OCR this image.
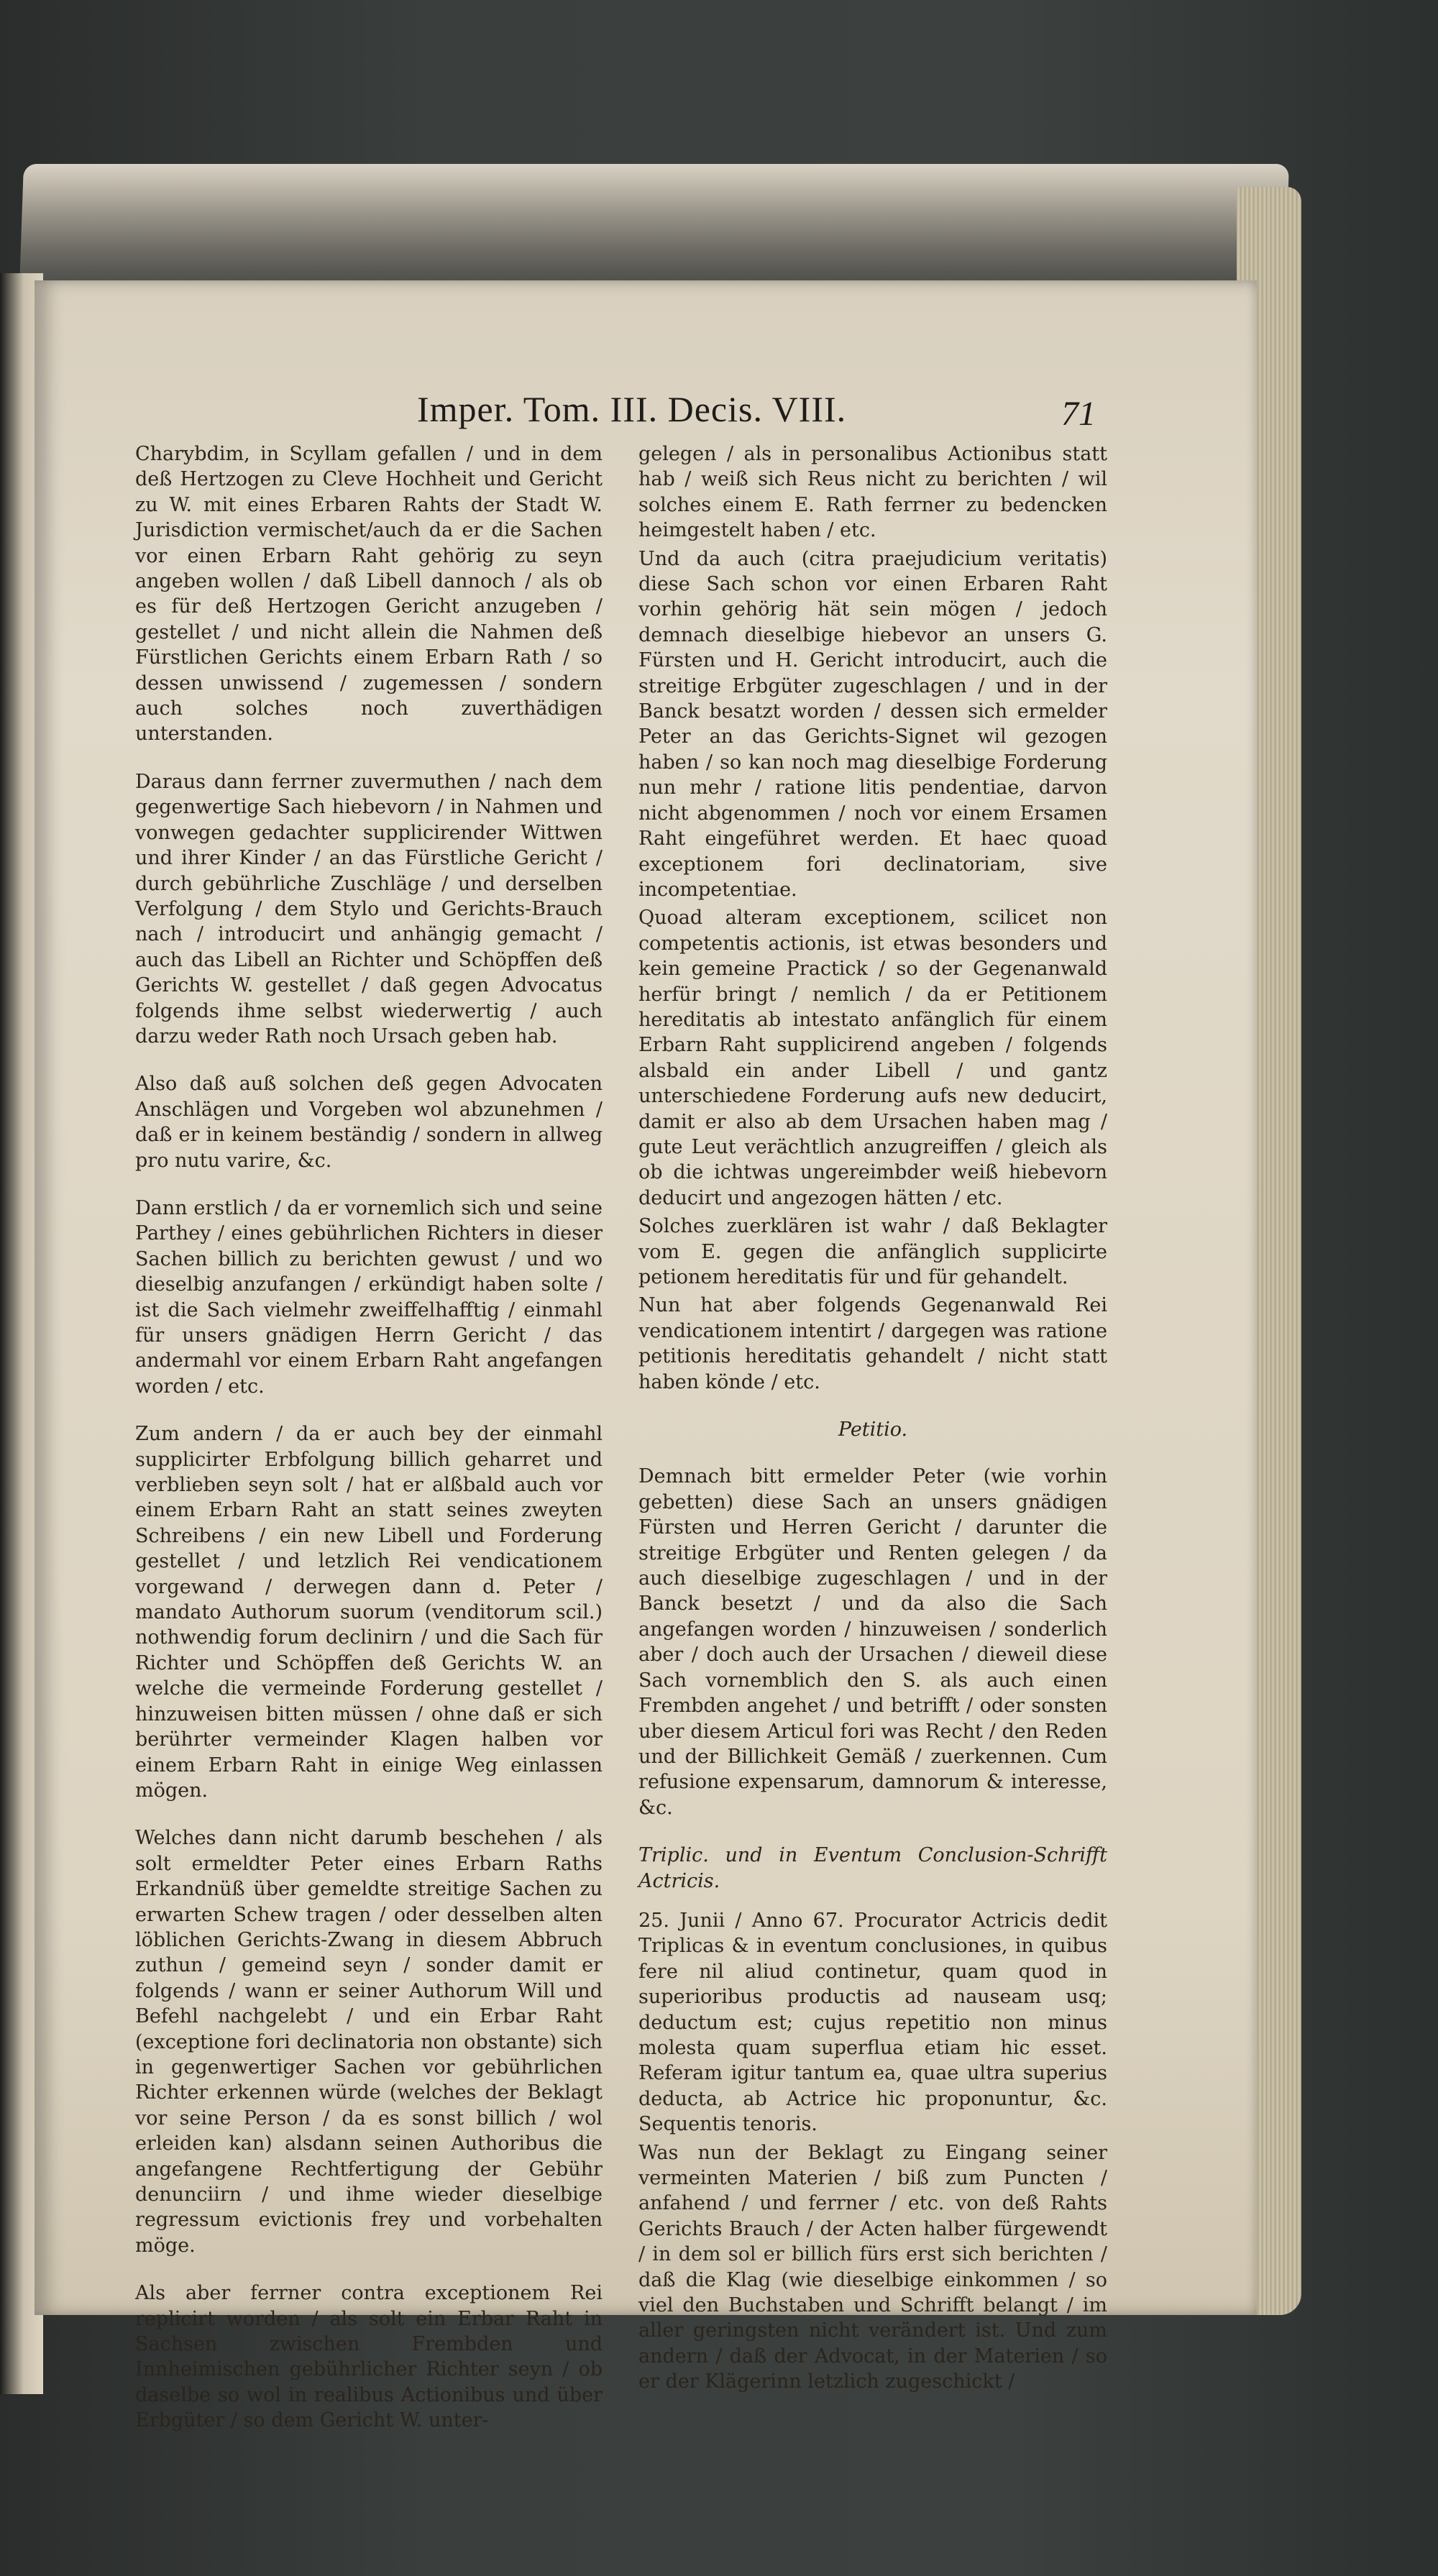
Imper. Tom. III. Decis. VIII.	71

Charybdim, in Scyllam gefallen / und in dem deß Hertzogen zu Cleve Hochheit und Gericht zu W. mit eines Erbaren Rahts der Stadt W. Jurisdiction vermischet/auch da er die Sachen vor einen Erbarn Raht gehörig zu seyn angeben wollen / daß Libell dannoch / als ob es für deß Hertzogen Gericht anzugeben / gestellet / und nicht allein die Nahmen deß Fürstlichen Gerichts einem Erbarn Rath / so dessen unwissend / zugemessen / sondern auch solches noch zuverthädigen unterstanden.

Daraus dann ferrner zuvermuthen / nach dem gegenwertige Sach hiebevorn / in Nahmen und vonwegen gedachter supplicirender Wittwen und ihrer Kinder / an das Fürstliche Gericht / durch gebührliche Zuschläge / und derselben Verfolgung / dem Stylo und Gerichts-Brauch nach / introducirt und anhängig gemacht / auch das Libell an Richter und Schöpffen deß Gerichts W. gestellet / daß gegen Advocatus folgends ihme selbst wiederwertig / auch darzu weder Rath noch Ursach geben hab.

Also daß auß solchen deß gegen Advocaten Anschlägen und Vorgeben wol abzunehmen / daß er in keinem beständig / sondern in allweg pro nutu varire, &c.

Dann erstlich / da er vornemlich sich und seine Parthey / eines gebührlichen Richters in dieser Sachen billich zu berichten gewust / und wo dieselbig anzufangen / erkündigt haben solte / ist die Sach vielmehr zweiffelhafftig / einmahl für unsers gnädigen Herrn Gericht / das andermahl vor einem Erbarn Raht angefangen worden / etc.

Zum andern / da er auch bey der einmahl supplicirter Erbfolgung billich geharret und verblieben seyn solt / hat er alßbald auch vor einem Erbarn Raht an statt seines zweyten Schreibens / ein new Libell und Forderung gestellet / und letzlich Rei vendicationem vorgewand / derwegen dann d. Peter / mandato Authorum suorum (venditorum scil.) nothwendig forum declinirn / und die Sach für Richter und Schöpffen deß Gerichts W. an welche die vermeinde Forderung gestellet / hinzuweisen bitten müssen / ohne daß er sich berührter vermeinder Klagen halben vor einem Erbarn Raht in einige Weg einlassen mögen.

Welches dann nicht darumb beschehen / als solt ermeldter Peter eines Erbarn Raths Erkandnüß über gemeldte streitige Sachen zu erwarten Schew tragen / oder desselben alten löblichen Gerichts-Zwang in diesem Abbruch zuthun / gemeind seyn / sonder damit er folgends / wann er seiner Authorum Will und Befehl nachgelebt / und ein Erbar Raht (exceptione fori declinatoria non obstante) sich in gegenwertiger Sachen vor gebührlichen Richter erkennen würde (welches der Beklagt vor seine Person / da es sonst billich / wol erleiden kan) alsdann seinen Authoribus die angefangene Rechtfertigung der Gebühr denunciirn / und ihme wieder dieselbige regressum evictionis frey und vorbehalten möge.

Als aber ferrner contra exceptionem Rei replicirt worden / als solt ein Erbar Raht in Sachsen zwischen Frembden und Innheimischen gebührlicher Richter seyn / ob daselbe so wol in realibus Actionibus und über Erbgüter / so dem Gericht W. unter-

gelegen / als in personalibus Actionibus statt hab / weiß sich Reus nicht zu berichten / wil solches einem E. Rath ferrner zu bedencken heimgestelt haben / etc.

Und da auch (citra praejudicium veritatis) diese Sach schon vor einen Erbaren Raht vorhin gehörig hät sein mögen / jedoch demnach dieselbige hiebevor an unsers G. Fürsten und H. Gericht introducirt, auch die streitige Erbgüter zugeschlagen / und in der Banck besatzt worden / dessen sich ermelder Peter an das Gerichts-Signet wil gezogen haben / so kan noch mag dieselbige Forderung nun mehr / ratione litis pendentiae, darvon nicht abgenommen / noch vor einem Ersamen Raht eingeführet werden. Et haec quoad exceptionem fori declinatoriam, sive incompetentiae.

Quoad alteram exceptionem, scilicet non competentis actionis, ist etwas besonders und kein gemeine Practick / so der Gegenanwald herfür bringt / nemlich / da er Petitionem hereditatis ab intestato anfänglich für einem Erbarn Raht supplicirend angeben / folgends alsbald ein ander Libell / und gantz unterschiedene Forderung aufs new deducirt, damit er also ab dem Ursachen haben mag / gute Leut verächtlich anzugreiffen / gleich als ob die ichtwas ungereimbder weiß hiebevorn deducirt und angezogen hätten / etc.

Solches zuerklären ist wahr / daß Beklagter vom E. gegen die anfänglich supplicirte petionem hereditatis für und für gehandelt.

Nun hat aber folgends Gegenanwald Rei vendicationem intentirt / dargegen was ratione petitionis hereditatis gehandelt / nicht statt haben könde / etc.

Petitio.

Demnach bitt ermelder Peter (wie vorhin gebetten) diese Sach an unsers gnädigen Fürsten und Herren Gericht / darunter die streitige Erbgüter und Renten gelegen / da auch dieselbige zugeschlagen / und in der Banck besetzt / und da also die Sach angefangen worden / hinzuweisen / sonderlich aber / doch auch der Ursachen / dieweil diese Sach vornemblich den S. als auch einen Frembden angehet / und betrifft / oder sonsten uber diesem Articul fori was Recht / den Reden und der Billichkeit Gemäß / zuerkennen. Cum refusione expensarum, damnorum & interesse, &c.

Triplic. und in Eventum Conclusion-Schrifft Actricis.

25. Junii / Anno 67. Procurator Actricis dedit Triplicas & in eventum conclusiones, in quibus fere nil aliud continetur, quam quod in superioribus productis ad nauseam usq; deductum est; cujus repetitio non minus molesta quam superflua etiam hic esset. Referam igitur tantum ea, quae ultra superius deducta, ab Actrice hic proponuntur, &c. Sequentis tenoris.

Was nun der Beklagt zu Eingang seiner vermeinten Materien / biß zum Puncten / anfahend / und ferrner / etc. von deß Rahts Gerichts Brauch / der Acten halber fürgewendt / in dem sol er billich fürs erst sich berichten / daß die Klag (wie dieselbige einkommen / so viel den Buchstaben und Schrifft belangt / im aller geringsten nicht verändert ist. Und zum andern / daß der Advocat, in der Materien / so er der Klägerinn letzlich zugeschickt /
